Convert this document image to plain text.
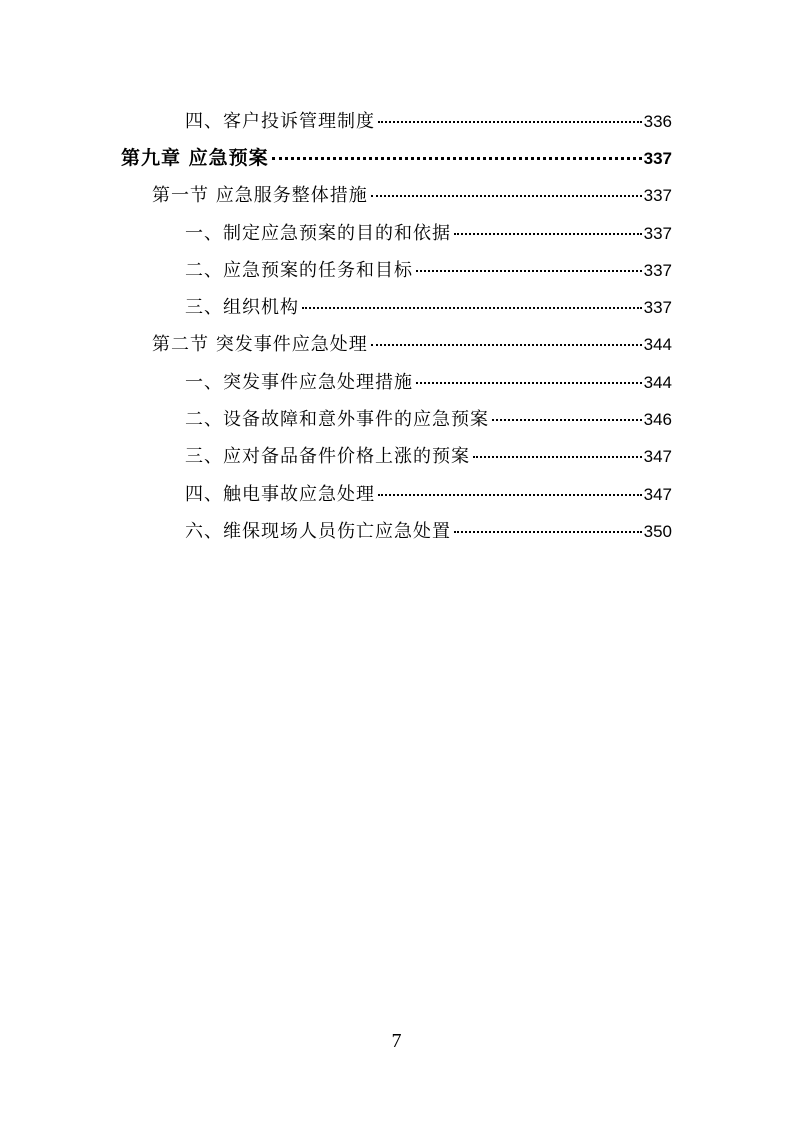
四、客户投诉管理制度	336
第九章 应急预案	337
第一节 应急服务整体措施	337
一、制定应急预案的目的和依据	337
二、应急预案的任务和目标	337
三、组织机构	337
第二节 突发事件应急处理	344
一、突发事件应急处理措施	344
二、设备故障和意外事件的应急预案	346
三、应对备品备件价格上涨的预案	347
四、触电事故应急处理	347
六、维保现场人员伤亡应急处置	350
7
